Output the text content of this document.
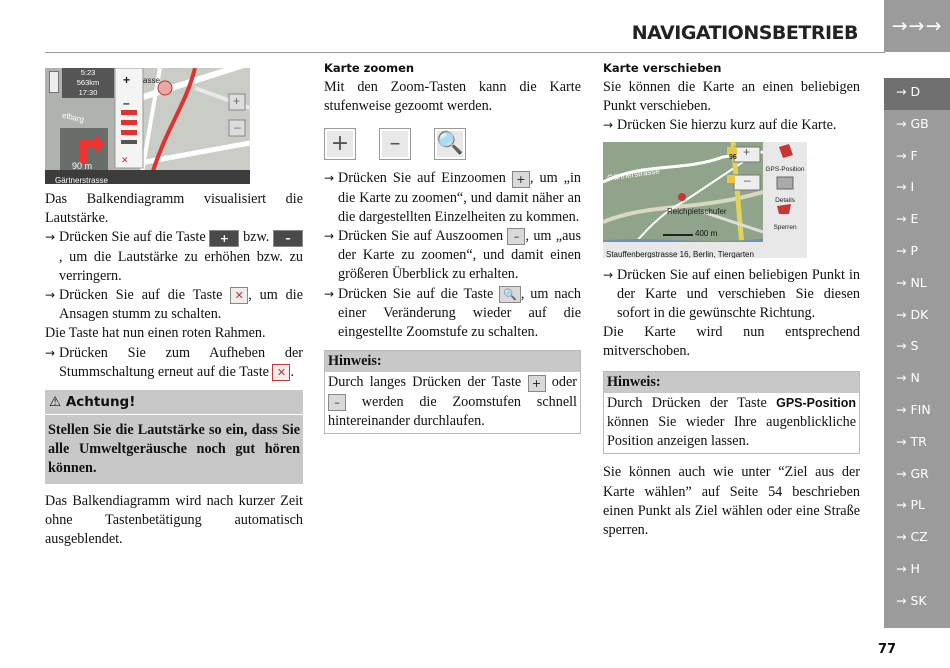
NAVIGATIONSBETRIEB	→→→
→ D
→ GB
→ F
→ I
→ E
→ P
→ NL
→ DK
→ S
→ N
→ FIN
→ TR
→ GR
→ PL
→ CZ
→ H
→ SK
77
5:23
563km
17:30
+
–
✕
asse
elbarg
+
–
90 m
Gärtnerstrasse

Das Balkendiagramm visualisiert die Lautstärke.

→ Drücken Sie auf die Taste + bzw. –, um die Lautstärke zu erhöhen bzw. zu verringern.
→ Drücken Sie auf die Taste ✕ , um die Ansagen stumm zu schalten.

Die Taste hat nun einen roten Rahmen.

→ Drücken Sie zum Aufheben der Stummschaltung erneut auf die Taste ✕ .
⚠ Achtung!
Stellen Sie die Lautstärke so ein, dass Sie alle Umweltgeräusche noch gut hören können.

Das Balkendiagramm wird nach kurzer Zeit ohne Tastenbetätigung automatisch ausgeblendet.

Karte zoomen

Mit den Zoom-Tasten kann die Karte stufenweise gezoomt werden.

+ – 🔍
→ Drücken Sie auf Einzoomen + , um „in die Karte zu zoomen“, und damit näher an die dargestellten Einzelheiten zu kommen.
→ Drücken Sie auf Auszoomen – , um „aus der Karte zu zoomen“, und damit einen größeren Überblick zu erhalten.
→ Drücken Sie auf die Taste 🔍 , um nach einer Veränderung wieder auf die eingestellte Zoomstufe zu schalten.
Hinweis:
Durch langes Drücken der Taste + oder – werden die Zoomstufen schnell hintereinander durchlaufen.
Karte verschieben

Sie können die Karte an einen beliebigen Punkt verschieben.

→ Drücken Sie hierzu kurz auf die Karte.
Gärtnerstrasse
Reichpietschufer
96 +
–
400 m
GPS-Position
Details
Sperren
Stauffenbergstrasse 16, Berlin, Tiergarten
→ Drücken Sie auf einen beliebigen Punkt in der Karte und verschieben Sie diesen sofort in die gewünschte Richtung.

Die Karte wird nun entsprechend mitverschoben.

Hinweis:
Durch Drücken der Taste GPS-Position können Sie wieder Ihre augenblickliche Position anzeigen lassen.

Sie können auch wie unter “Ziel aus der Karte wählen” auf Seite 54 beschrieben einen Punkt als Ziel wählen oder eine Straße sperren.
